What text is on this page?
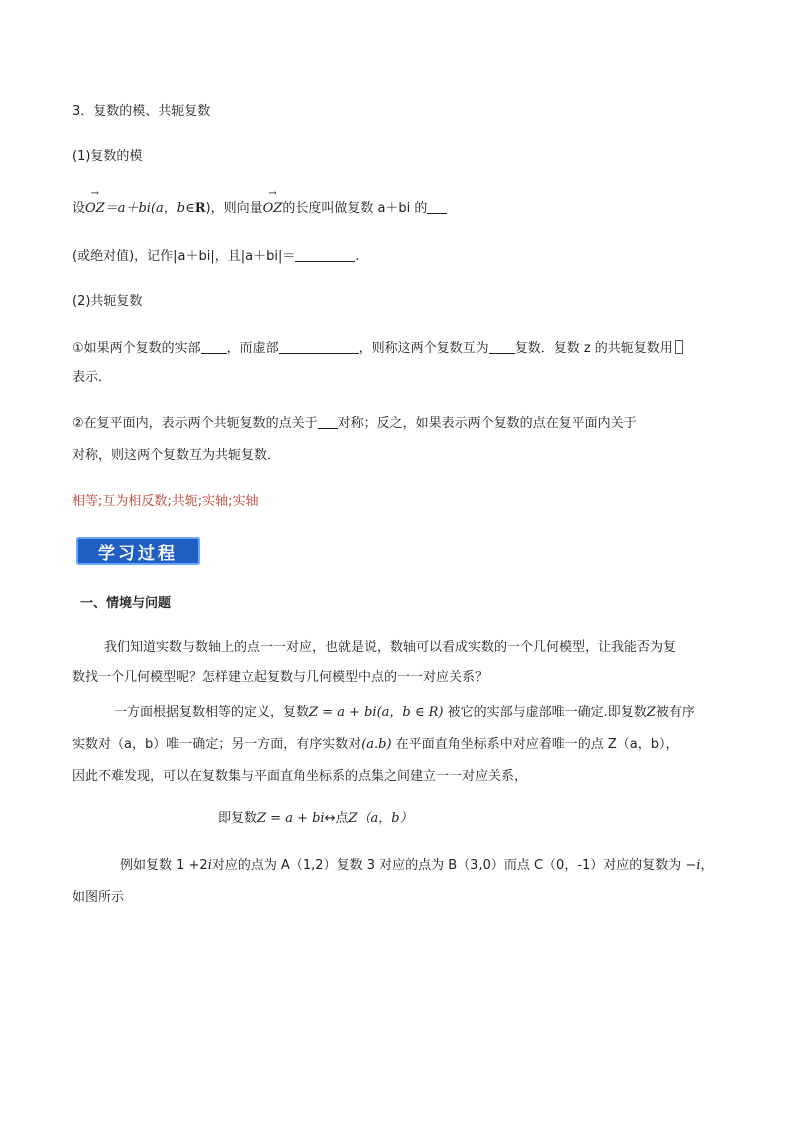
3．复数的模、共轭复数
(1)复数的模
设
→
OZ＝a＋bi(a，b∈R)，则向量
→
OZ的长度叫做复数 a＋bi 的
(或绝对值)，记作|a＋bi|，且|a＋bi|＝	.
(2)共轭复数
①如果两个复数的实部 ，而虚部	，则称这两个复数互为 复数．复数 z 的共轭复数用
表示．
②在复平面内，表示两个共轭复数的点关于 对称；反之，如果表示两个复数的点在复平面内关于
对称，则这两个复数互为共轭复数．
相等;互为相反数;共轭;实轴;实轴
学习过程
一、情境与问题
我们知道实数与数轴上的点一一对应，也就是说，数轴可以看成实数的一个几何模型，让我能否为复
数找一个几何模型呢？怎样建立起复数与几何模型中点的一一对应关系？
一方面根据复数相等的定义，复数Z = a + bi(a，b ∈ R) 被它的实部与虚部唯一确定.即复数Z被有序
实数对（a，b）唯一确定；另一方面，有序实数对(a.b) 在平面直角坐标系中对应着唯一的点 Z（a，b），
因此不难发现，可以在复数集与平面直角坐标系的点集之间建立一一对应关系，
即复数Z = a + bi↔点Z（a，b）
例如复数 1 +2i对应的点为 A（1,2）复数 3 对应的点为 B（3,0）而点 C（0，-1）对应的复数为 −i，
如图所示
